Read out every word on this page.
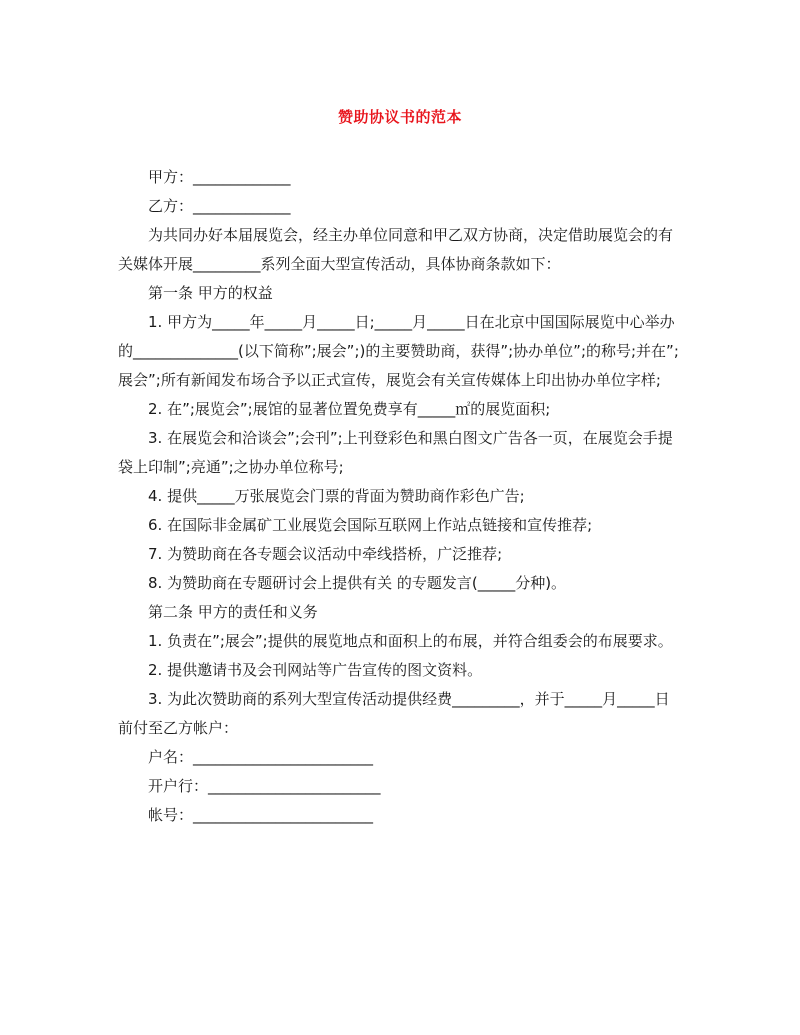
赞助协议书的范本

甲方：_____________

乙方：_____________

为共同办好本届展览会，经主办单位同意和甲乙双方协商，决定借助展览会的有关媒体开展_________系列全面大型宣传活动，具体协商条款如下：

第一条 甲方的权益

1. 甲方为_____年_____月_____日;_____月_____日在北京中国国际展览中心举办的______________(以下简称”;展会”;)的主要赞助商，获得”;协办单位”;的称号;并在”;展会”;所有新闻发布场合予以正式宣传，展览会有关宣传媒体上印出协办单位字样;

2. 在”;展览会”;展馆的显著位置免费享有_____㎡的展览面积;

3. 在展览会和洽谈会”;会刊”;上刊登彩色和黑白图文广告各一页，在展览会手提袋上印制”;亮通”;之协办单位称号;

4. 提供_____万张展览会门票的背面为赞助商作彩色广告;

6. 在国际非金属矿工业展览会国际互联网上作站点链接和宣传推荐;

7. 为赞助商在各专题会议活动中牵线搭桥，广泛推荐;

8. 为赞助商在专题研讨会上提供有关 的专题发言(_____分种)。

第二条 甲方的责任和义务

1. 负责在”;展会”;提供的展览地点和面积上的布展，并符合组委会的布展要求。

2. 提供邀请书及会刊网站等广告宣传的图文资料。

3. 为此次赞助商的系列大型宣传活动提供经费_________，并于_____月_____日前付至乙方帐户：

户名：________________________

开户行：_______________________

帐号：________________________
